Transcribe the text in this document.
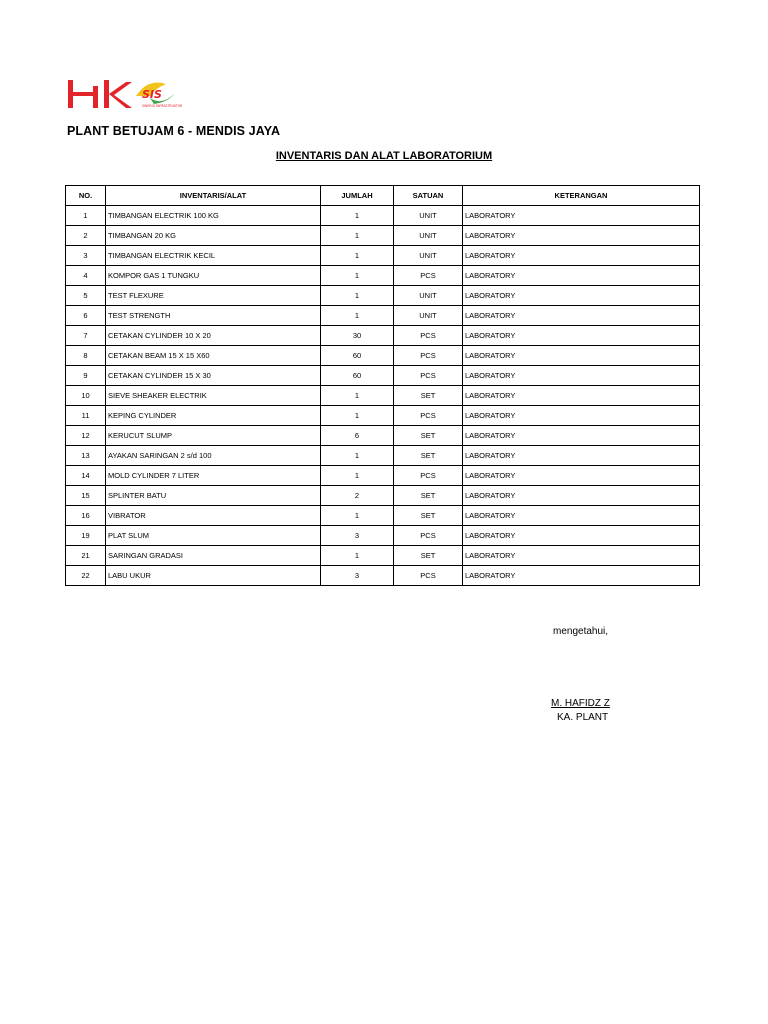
SIS
SINERGI INFRASTRUKTUR
PLANT BETUJAM 6 - MENDIS JAYA
INVENTARIS DAN ALAT LABORATORIUM
NO.	INVENTARIS/ALAT	JUMLAH	SATUAN	KETERANGAN
1	TIMBANGAN ELECTRIK 100 KG	1	UNIT	LABORATORY
2	TIMBANGAN 20 KG	1	UNIT	LABORATORY
3	TIMBANGAN ELECTRIK KECIL	1	UNIT	LABORATORY
4	KOMPOR GAS 1 TUNGKU	1	PCS	LABORATORY
5	TEST FLEXURE	1	UNIT	LABORATORY
6	TEST STRENGTH	1	UNIT	LABORATORY
7	CETAKAN CYLINDER 10 X 20	30	PCS	LABORATORY
8	CETAKAN BEAM 15 X 15 X60	60	PCS	LABORATORY
9	CETAKAN CYLINDER 15 X 30	60	PCS	LABORATORY
10	SIEVE SHEAKER ELECTRIK	1	SET	LABORATORY
11	KEPING CYLINDER	1	PCS	LABORATORY
12	KERUCUT SLUMP	6	SET	LABORATORY
13	AYAKAN SARINGAN 2 s/d 100	1	SET	LABORATORY
14	MOLD CYLINDER 7 LITER	1	PCS	LABORATORY
15	SPLINTER BATU	2	SET	LABORATORY
16	VIBRATOR	1	SET	LABORATORY
19	PLAT SLUM	3	PCS	LABORATORY
21	SARINGAN GRADASI	1	SET	LABORATORY
22	LABU UKUR	3	PCS	LABORATORY
mengetahui,
M. HAFIDZ Z
KA. PLANT
